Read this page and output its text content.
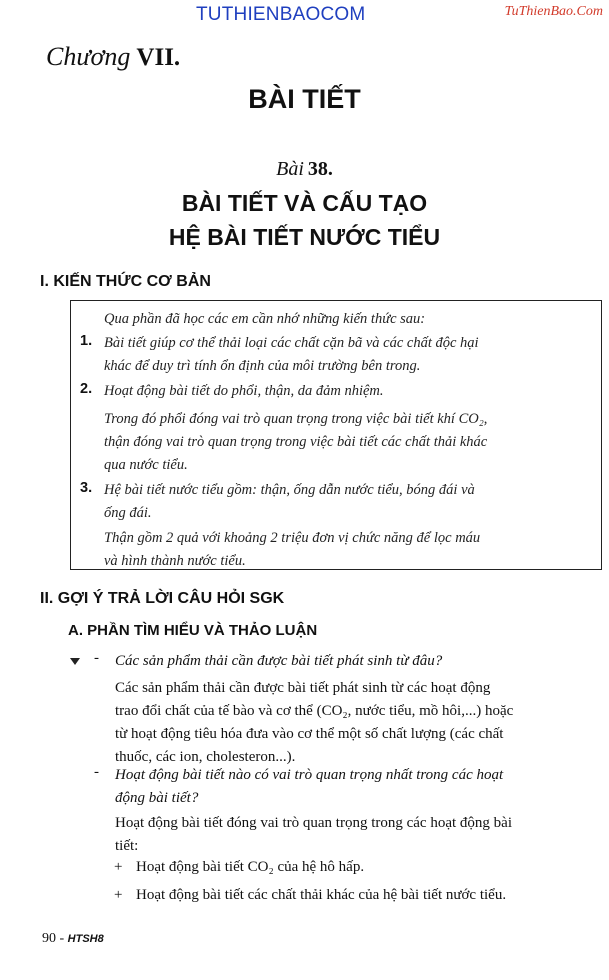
TUTHIENBAOCOM	TuThienBao.Com
Chương VII.
BÀI TIẾT
Bài 38.
BÀI TIẾT VÀ CẤU TẠO
HỆ BÀI TIẾT NƯỚC TIỂU
I. KIẾN THỨC CƠ BẢN
Qua phần đã học các em cần nhớ những kiến thức sau:
1. Bài tiết giúp cơ thể thải loại các chất cặn bã và các chất độc hại
khác để duy trì tính ổn định của môi trường bên trong.
2. Hoạt động bài tiết do phổi, thận, da đảm nhiệm.
Trong đó phổi đóng vai trò quan trọng trong việc bài tiết khí CO₂,
thận đóng vai trò quan trọng trong việc bài tiết các chất thải khác
qua nước tiểu.
3. Hệ bài tiết nước tiểu gồm: thận, ống dẫn nước tiểu, bóng đái và
ống đái.
Thận gồm 2 quả với khoảng 2 triệu đơn vị chức năng để lọc máu
và hình thành nước tiểu.
II. GỢI Ý TRẢ LỜI CÂU HỎI SGK
A. PHẦN TÌM HIỂU VÀ THẢO LUẬN
- Các sản phẩm thải cần được bài tiết phát sinh từ đâu?
Các sản phẩm thải cần được bài tiết phát sinh từ các hoạt động
trao đổi chất của tế bào và cơ thể (CO₂, nước tiểu, mồ hôi,...) hoặc
từ hoạt động tiêu hóa đưa vào cơ thể một số chất lượng (các chất
thuốc, các ion, cholesteron...).
- Hoạt động bài tiết nào có vai trò quan trọng nhất trong các hoạt
động bài tiết?
Hoạt động bài tiết đóng vai trò quan trọng trong các hoạt động bài
tiết:
+ Hoạt động bài tiết CO₂ của hệ hô hấp.
+ Hoạt động bài tiết các chất thải khác của hệ bài tiết nước tiểu.
90 - HTSH8
